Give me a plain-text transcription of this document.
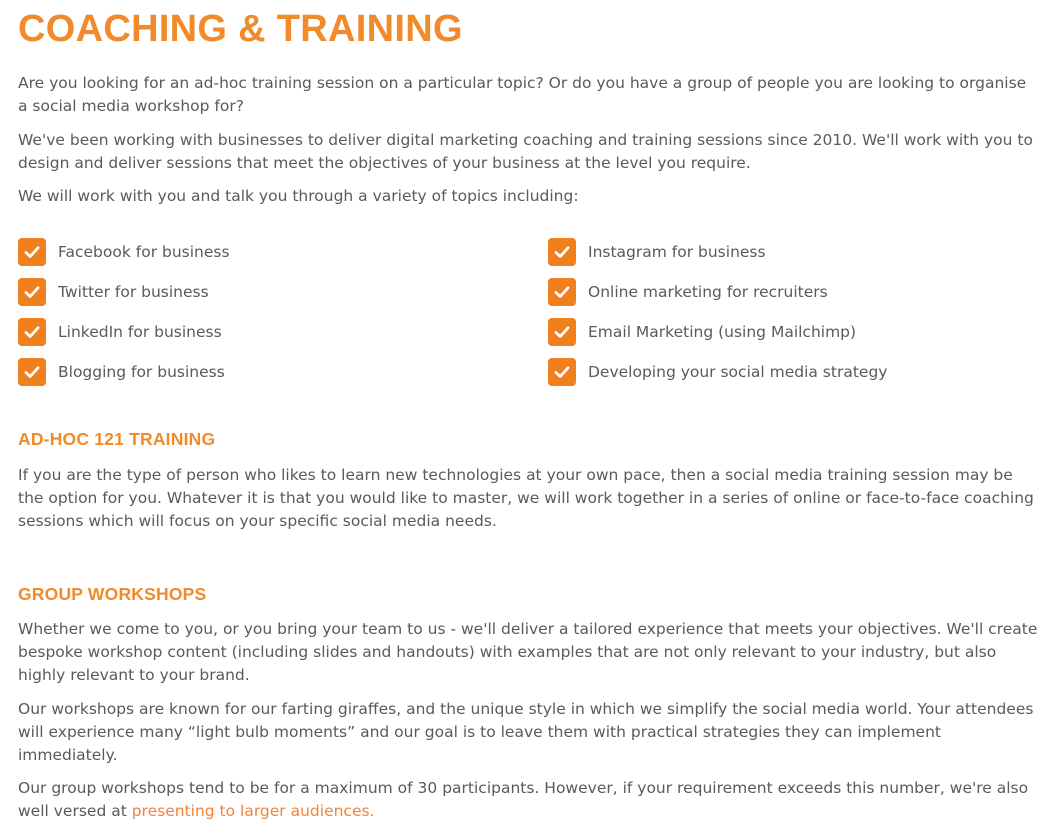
COACHING & TRAINING

Are you looking for an ad-hoc training session on a particular topic? Or do you have a group of people you are looking to organise a social media workshop for?

We've been working with businesses to deliver digital marketing coaching and training sessions since 2010. We'll work with you to design and deliver sessions that meet the objectives of your business at the level you require.

We will work with you and talk you through a variety of topics including:

Facebook for business	Instagram for business
Twitter for business	Online marketing for recruiters
LinkedIn for business	Email Marketing (using Mailchimp)
Blogging for business	Developing your social media strategy
AD-HOC 121 TRAINING

If you are the type of person who likes to learn new technologies at your own pace, then a social media training session may be the option for you. Whatever it is that you would like to master, we will work together in a series of online or face-to-face coaching sessions which will focus on your specific social media needs.

GROUP WORKSHOPS

Whether we come to you, or you bring your team to us - we'll deliver a tailored experience that meets your objectives. We'll create bespoke workshop content (including slides and handouts) with examples that are not only relevant to your industry, but also highly relevant to your brand.

Our workshops are known for our farting giraffes, and the unique style in which we simplify the social media world. Your attendees will experience many “light bulb moments” and our goal is to leave them with practical strategies they can implement immediately.

Our group workshops tend to be for a maximum of 30 participants. However, if your requirement exceeds this number, we're also well versed at presenting to larger audiences.
